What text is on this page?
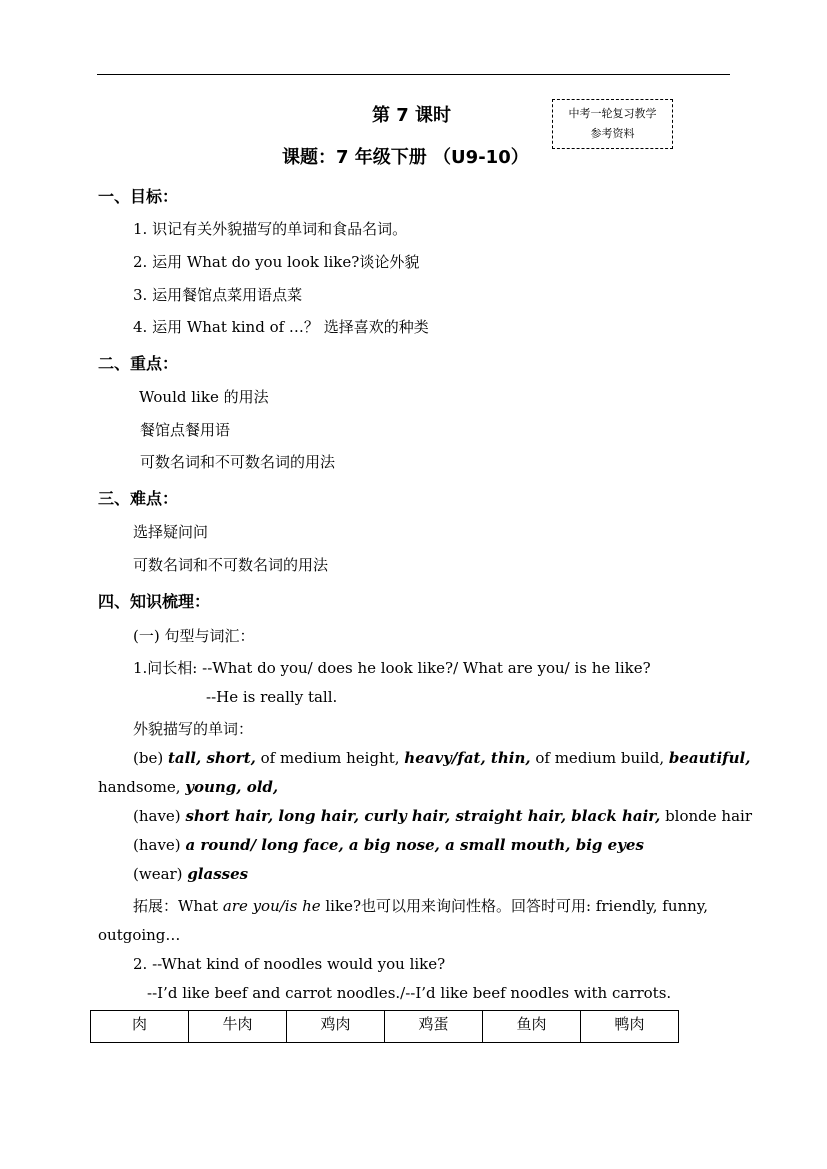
第 7 课时
课题：7 年级下册 （U9-10）
中考一轮复习教学
参考资料
一、目标：
1. 识记有关外貌描写的单词和食品名词。
2. 运用 What do you look like?谈论外貌
3. 运用餐馆点菜用语点菜
4. 运用 What kind of …？ 选择喜欢的种类
二、重点：
Would like 的用法
餐馆点餐用语
可数名词和不可数名词的用法
三、难点：
选择疑问问
可数名词和不可数名词的用法
四、知识梳理：
(一) 句型与词汇：
1.问长相: --What do you/ does he look like?/ What are you/ is he like?
--He is really tall.
外貌描写的单词：
(be) tall, short, of medium height, heavy/fat, thin, of medium build, beautiful,
handsome, young, old,
(have) short hair, long hair, curly hair, straight hair, black hair, blonde hair
(have) a round/ long face, a big nose, a small mouth, big eyes
(wear) glasses
拓展：What are you/is he like?也可以用来询问性格。回答时可用: friendly, funny,
outgoing…
2. --What kind of noodles would you like?
--I’d like beef and carrot noodles./--I’d like beef noodles with carrots.
肉	牛肉	鸡肉	鸡蛋	鱼肉	鸭肉
